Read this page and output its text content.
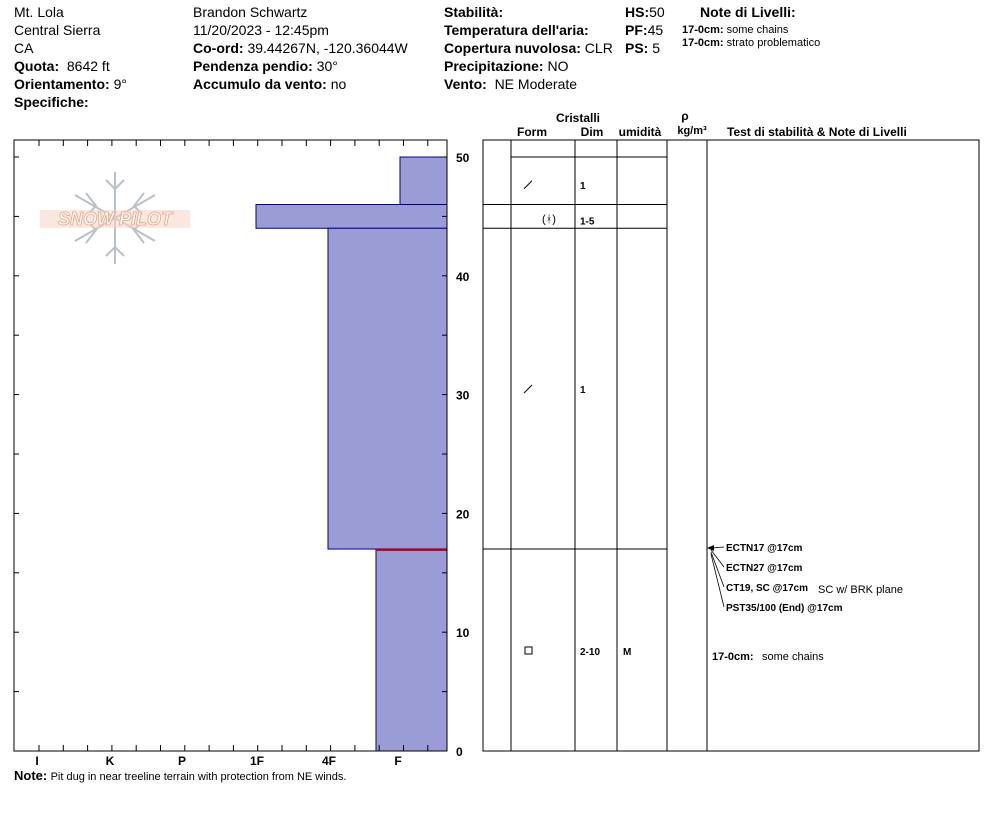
Mt. Lola
Central Sierra
CA
Quota: 8642 ft
Orientamento: 9°
Specifiche:
Brandon Schwartz
11/20/2023 - 12:45pm
Co-ord: 39.44267N, -120.36044W
Pendenza pendio: 30°
Accumulo da vento: no
Stabilità:
Temperatura dell'aria:
Copertura nuvolosa: CLR
Precipitazione: NO
Vento: NE Moderate
HS:50
PF:45
PS: 5
Note di Livelli:
17-0cm: some chains
17-0cm: strato problematico
SNOW PILOT
0
10
20
30
40
50
I	K	P	1F	4F	F
Cristalli
Form	Dim umidità
ρ
kg/m³ Test di stabilità & Note di Livelli
1
(ᚼ) 1-5
1
2-10 M
ECTN17 @17cm
ECTN27 @17cm
CT19, SC @17cm SC w/ BRK plane
PST35/100 (End) @17cm
17-0cm: some chains
Note: Pit dug in near treeline terrain with protection from NE winds.
